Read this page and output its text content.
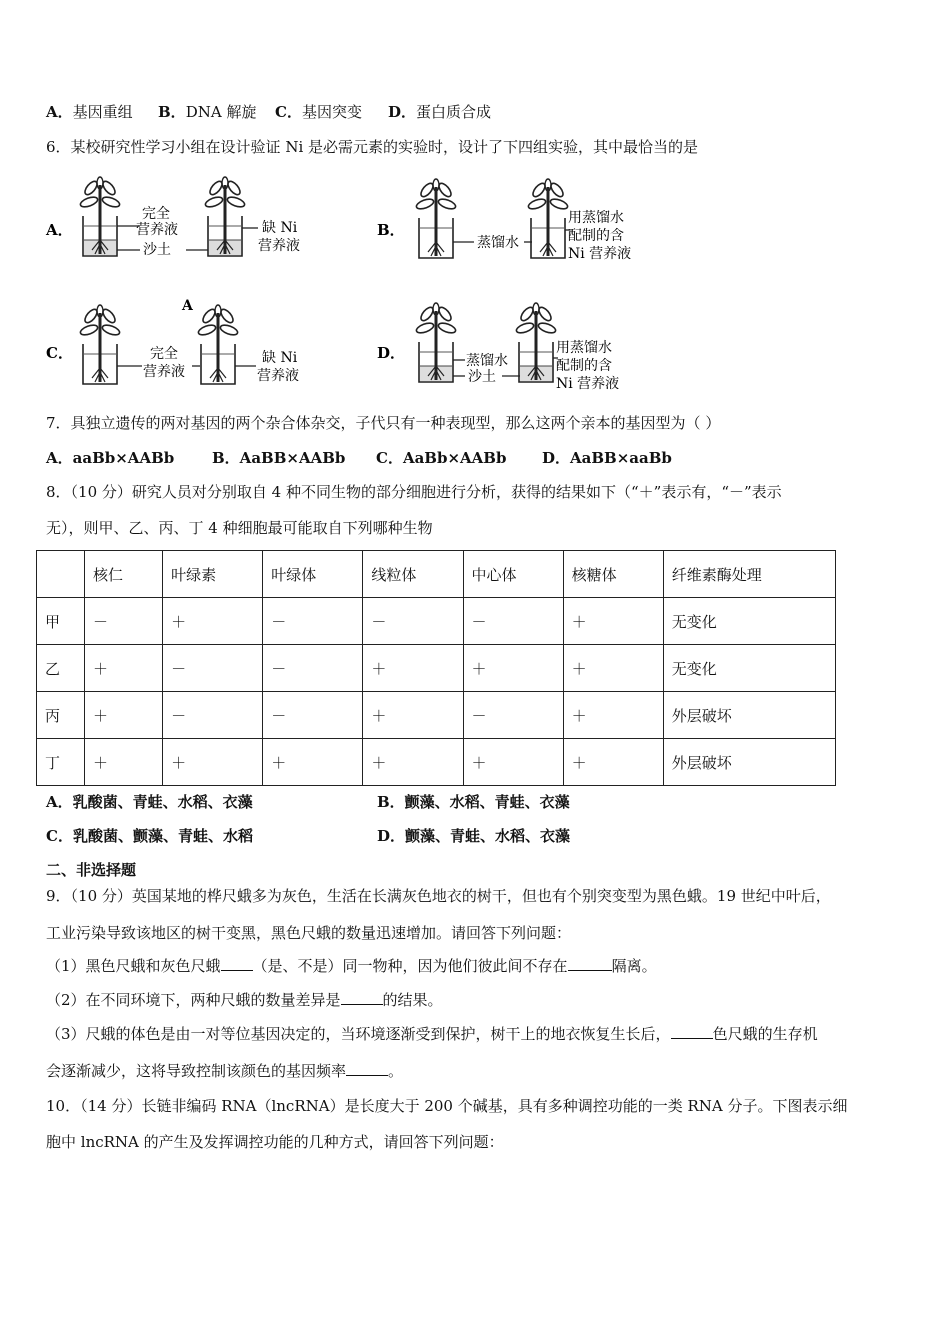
A．基因重组 B．DNA 解旋 C．基因突变 D．蛋白质合成
6．某校研究性学习小组在设计验证 Ni 是必需元素的实验时，设计了下四组实验，其中最恰当的是
A．
完全
营养液
沙土
缺 Ni
营养液
B．
蒸馏水
用蒸馏水
配制的含
Ni 营养液
A
C．	完全
营养液
缺 Ni
营养液
D．	蒸馏水
沙土
用蒸馏水
配制的含
Ni 营养液
7．具独立遗传的两对基因的两个杂合体杂交，子代只有一种表现型，那么这两个亲本的基因型为（ ）
A．aaBb×AABb	B．AaBB×AABb C．AaBb×AABb D．AaBB×aaBb
8．（10 分）研究人员对分别取自 4 种不同生物的部分细胞进行分析，获得的结果如下（“＋”表示有，“－”表示
无），则甲、乙、丙、丁 4 种细胞最可能取自下列哪种生物
	核仁	叶绿素	叶绿体	线粒体	中心体	核糖体	纤维素酶处理
甲	－	＋	－	－	－	＋	无变化
乙	＋	－	－	＋	＋	＋	无变化
丙	＋	－	－	＋	－	＋	外层破坏
丁	＋	＋	＋	＋	＋	＋	外层破坏
A．乳酸菌、青蛙、水稻、衣藻	B．颤藻、水稻、青蛙、衣藻
C．乳酸菌、颤藻、青蛙、水稻	D．颤藻、青蛙、水稻、衣藻
二、非选择题
9．（10 分）英国某地的桦尺蛾多为灰色，生活在长满灰色地衣的树干，但也有个别突变型为黑色蛾。19 世纪中叶后，
工业污染导致该地区的树干变黑，黑色尺蛾的数量迅速增加。请回答下列问题：
（1）黑色尺蛾和灰色尺蛾 （是、不是）同一物种，因为他们彼此间不存在	隔离。
（2）在不同环境下，两种尺蛾的数量差异是	的结果。
（3）尺蛾的体色是由一对等位基因决定的，当环境逐渐受到保护，树干上的地衣恢复生长后，	色尺蛾的生存机
会逐渐减少，这将导致控制该颜色的基因频率	。
10．（14 分）长链非编码 RNA（lncRNA）是长度大于 200 个碱基，具有多种调控功能的一类 RNA 分子。下图表示细
胞中 lncRNA 的产生及发挥调控功能的几种方式，请回答下列问题：
